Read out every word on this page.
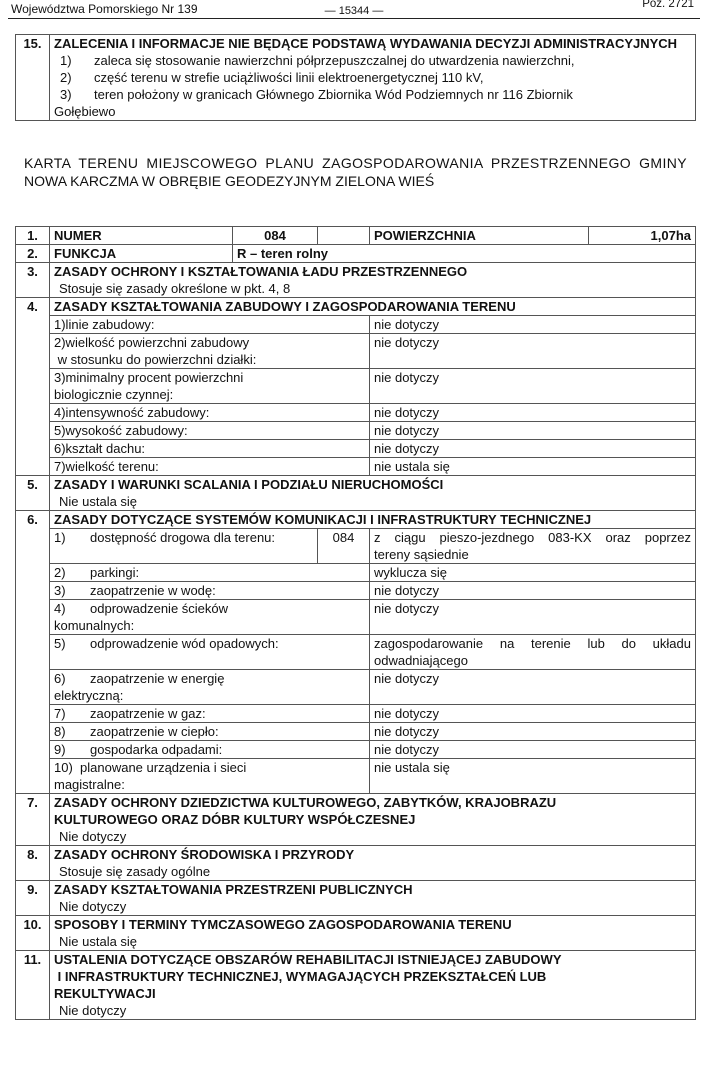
Województwa Pomorskiego Nr 139	— 15344 —
Poz. 2721
15.	ZALECENIA I INFORMACJE NIE BĘDĄCE PODSTAWĄ WYDAWANIA DECYZJI ADMINISTRACYJNYCH
1) zaleca się stosowanie nawierzchni półprzepuszczalnej do utwardzenia nawierzchni,
2) część terenu w strefie uciążliwości linii elektroenergetycznej 110 kV,
3) teren położony w granicach Głównego Zbiornika Wód Podziemnych nr 116 Zbiornik
Gołębiewo
KARTA TERENU MIEJSCOWEGO PLANU ZAGOSPODAROWANIA PRZESTRZENNEGO GMINY
NOWA KARCZMA W OBRĘBIE GEODEZYJNYM ZIELONA WIEŚ
1.	NUMER	084		POWIERZCHNIA	1,07ha
2.	FUNKCJA	R – teren rolny			
3.	ZASADY OCHRONY I KSZTAŁTOWANIA ŁADU PRZESTRZENNEGO
Stosuje się zasady określone w pkt. 4, 8				

4.	ZASADY KSZTAŁTOWANIA ZABUDOWY I ZAGOSPODAROWANIA TERENU				
	1)linie zabudowy:			nie dotyczy	

	2)wielkość powierzchni zabudowy
w stosunku do powierzchni działki:			nie dotyczy	

	3)minimalny procent powierzchni
biologicznie czynnej:			nie dotyczy	
	4)intensywność zabudowy:			nie dotyczy	
	5)wysokość zabudowy:			nie dotyczy	
	6)kształt dachu:			nie dotyczy	
	7)wielkość terenu:			nie ustala się	
5.	ZASADY I WARUNKI SCALANIA I PODZIAŁU NIERUCHOMOŚCI
Nie ustala się				

6.	ZASADY DOTYCZĄCE SYSTEMÓW KOMUNIKACJI I INFRASTRUKTURY TECHNICZNEJ				
	1) dostępność drogowa dla terenu:		084	z ciągu pieszo-jezdnego 083-KX oraz poprzez
tereny sąsiednie	

	2) parkingi:			wyklucza się	
	3) zaopatrzenie w wodę:			nie dotyczy	

	4) odprowadzenie ścieków
komunalnych:			nie dotyczy	
	5) odprowadzenie wód opadowych:			zagospodarowanie na terenie lub do układu
odwadniającego	

	6) zaopatrzenie w energię
elektryczną:			nie dotyczy	
	7) zaopatrzenie w gaz:			nie dotyczy	
	8) zaopatrzenie w ciepło:			nie dotyczy	
	9) gospodarka odpadami:			nie dotyczy	

	10)  planowane urządzenia i sieci
magistralne:			nie ustala się	
7.	ZASADY OCHRONY DZIEDZICTWA KULTUROWEGO, ZABYTKÓW, KRAJOBRAZU
KULTUROWEGO ORAZ DÓBR KULTURY WSPÓŁCZESNEJ
Nie dotyczy				

8.	ZASADY OCHRONY ŚRODOWISKA I PRZYRODY
Stosuje się zasady ogólne				

9.	ZASADY KSZTAŁTOWANIA PRZESTRZENI PUBLICZNYCH
Nie dotyczy				

10.	SPOSOBY I TERMINY TYMCZASOWEGO ZAGOSPODAROWANIA TERENU
Nie ustala się				

11.	USTALENIA DOTYCZĄCE OBSZARÓW REHABILITACJI ISTNIEJĄCEJ ZABUDOWY
I INFRASTRUKTURY TECHNICZNEJ, WYMAGAJĄCYCH PRZEKSZTAŁCEŃ LUB
REKULTYWACJI
Nie dotyczy				
